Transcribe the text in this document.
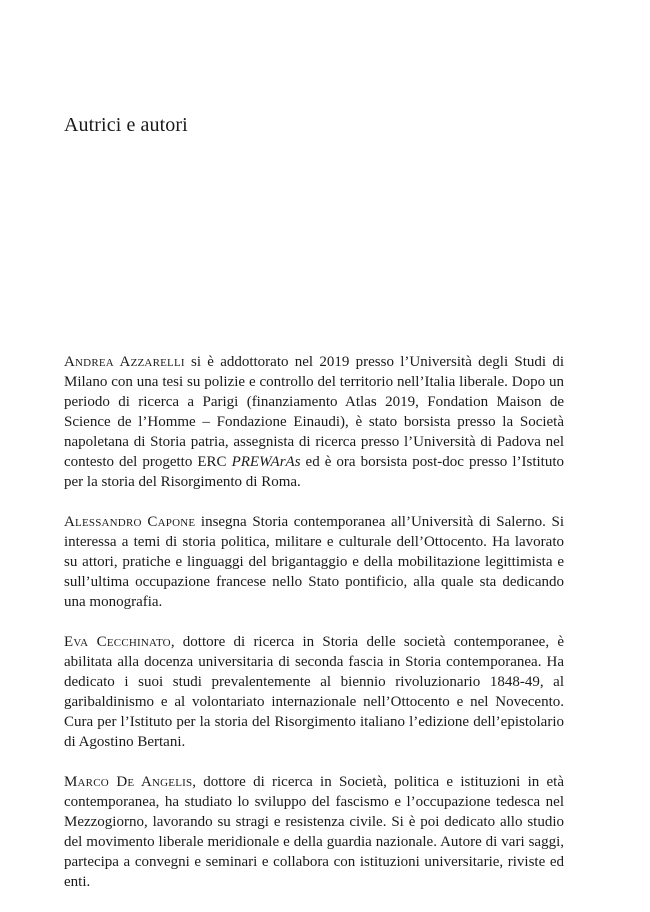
Autrici e autori

Andrea Azzarelli si è addottorato nel 2019 presso l’Università degli Studi di Milano con una tesi su polizie e controllo del territorio nell’Italia liberale. Dopo un periodo di ricerca a Parigi (finanziamento Atlas 2019, Fondation Maison de Science de l’Homme – Fondazione Einaudi), è stato borsista presso la Società napoletana di Storia patria, assegnista di ricerca presso l’Università di Padova nel contesto del progetto ERC PREWArAs ed è ora borsista post-doc presso l’Istituto per la storia del Risorgimento di Roma.

Alessandro Capone insegna Storia contemporanea all’Università di Salerno. Si interessa a temi di storia politica, militare e culturale dell’Ottocento. Ha lavorato su attori, pratiche e linguaggi del brigantaggio e della mobilitazione legittimista e sull’ultima occupazione francese nello Stato pontificio, alla quale sta dedicando una monografia.

Eva Cecchinato, dottore di ricerca in Storia delle società contemporanee, è abilitata alla docenza universitaria di seconda fascia in Storia contemporanea. Ha dedicato i suoi studi prevalentemente al biennio rivoluzionario 1848-49, al garibaldinismo e al volontariato internazionale nell’Ottocento e nel Novecento. Cura per l’Istituto per la storia del Risorgimento italiano l’edizione dell’epistolario di Agostino Bertani.

Marco De Angelis, dottore di ricerca in Società, politica e istituzioni in età contemporanea, ha studiato lo sviluppo del fascismo e l’occupazione tedesca nel Mezzogiorno, lavorando su stragi e resistenza civile. Si è poi dedicato allo studio del movimento liberale meridionale e della guardia nazionale. Autore di vari saggi, partecipa a convegni e seminari e collabora con istituzioni universitarie, riviste ed enti.
